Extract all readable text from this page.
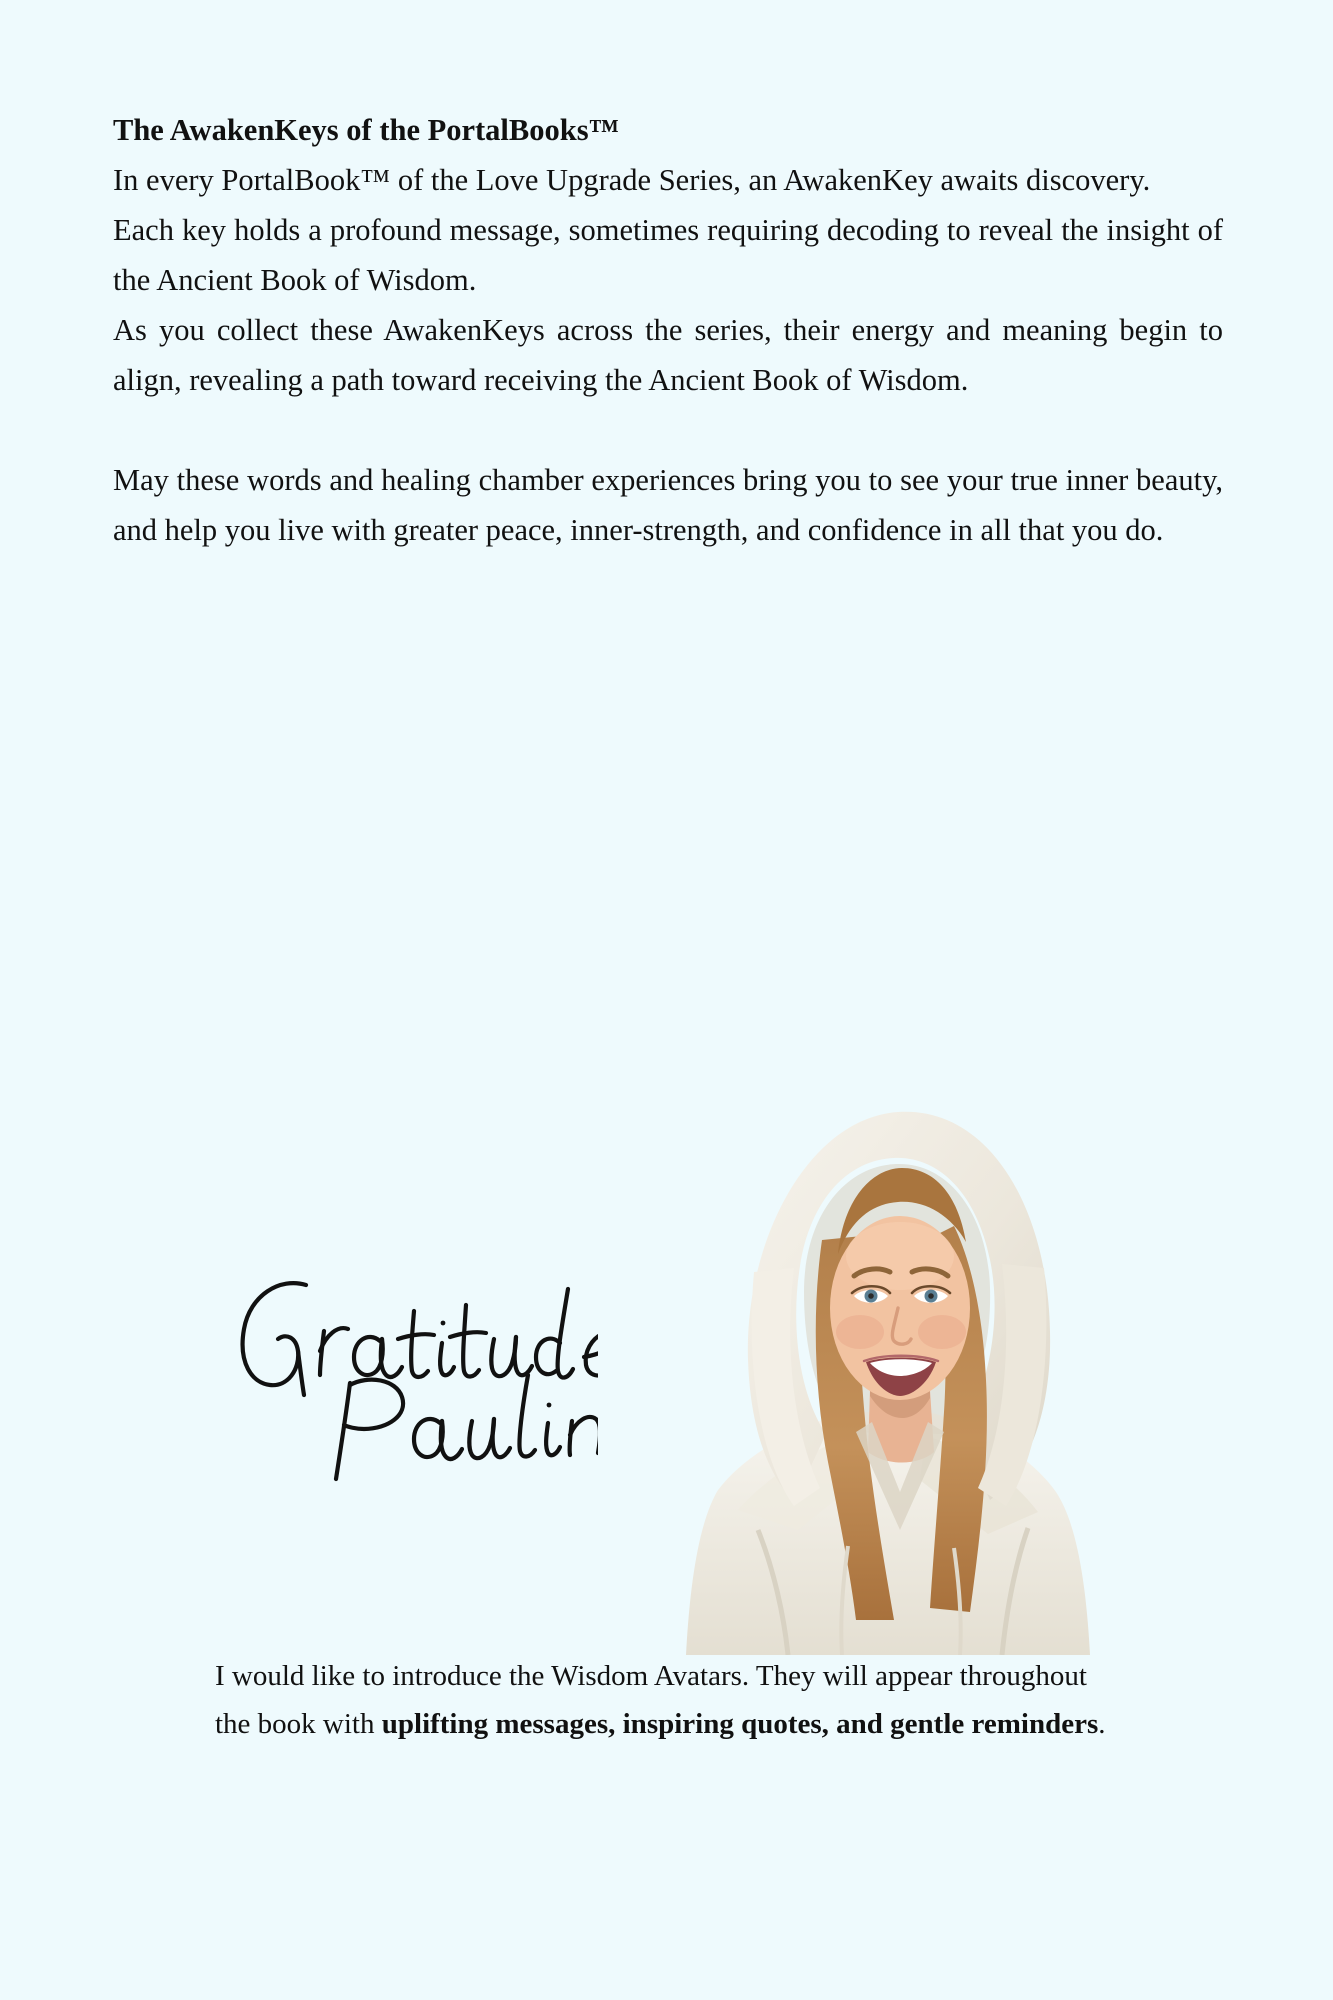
The AwakenKeys of the PortalBooks™

In every PortalBook™ of the Love Upgrade Series, an AwakenKey awaits discovery.

Each key holds a profound message, sometimes requiring decoding to reveal the insight of the Ancient Book of Wisdom.

As you collect these AwakenKeys across the series, their energy and meaning begin to align, revealing a path toward receiving the Ancient Book of Wisdom.

May these words and healing chamber experiences bring you to see your true inner beauty, and help you live with greater peace, inner-strength, and confidence in all that you do.

I would like to introduce the Wisdom Avatars. They will appear throughout the book with uplifting messages, inspiring quotes, and gentle reminders.
